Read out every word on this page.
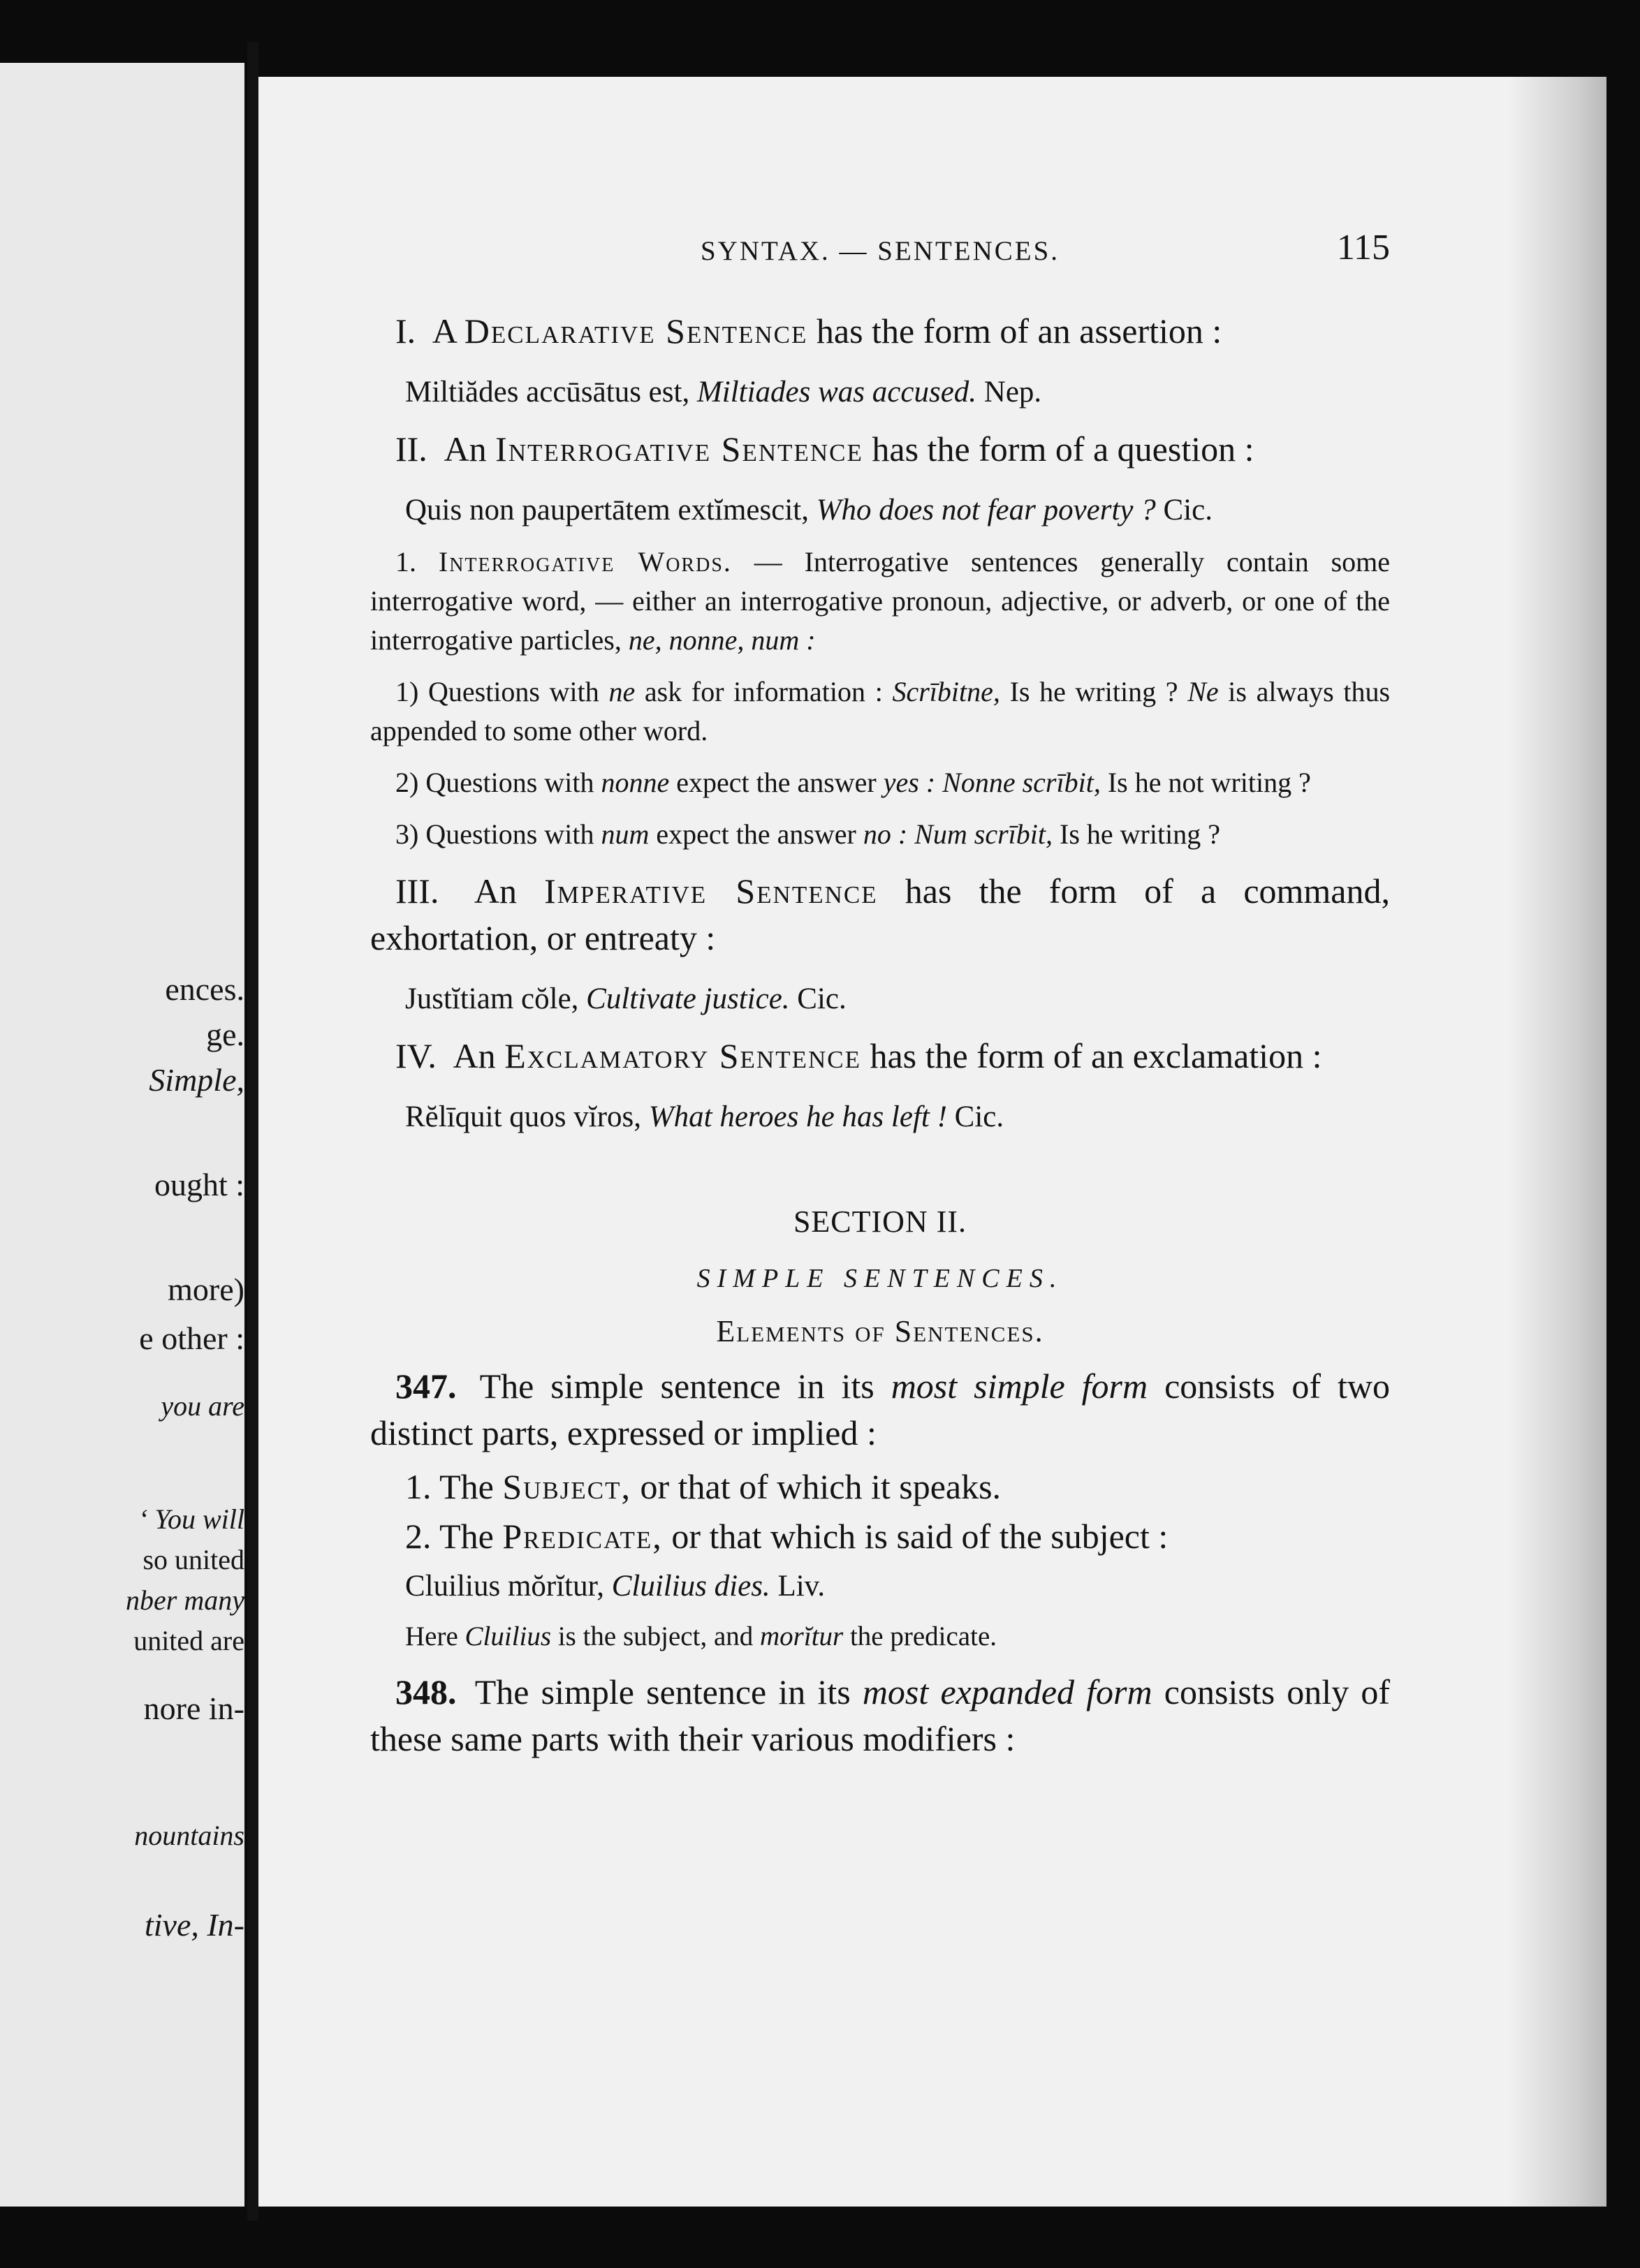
ences.
ge.
Simple,
ought :
more)
e other :
you are
‘ You will
so united
nber many
united are
nore in-
nountains
tive, In-
SYNTAX. — SENTENCES.	115

I. A Declarative Sentence has the form of an assertion :

Miltiădes accūsātus est, Miltiades was accused. Nep.

II. An Interrogative Sentence has the form of a question :

Quis non paupertātem extĭmescit, Who does not fear poverty ? Cic.

1. Interrogative Words. — Interrogative sentences generally contain some interrogative word, — either an interrogative pronoun, adjective, or adverb, or one of the interrogative particles, ne, nonne, num :

1) Questions with ne ask for information : Scrībitne, Is he writing ? Ne is always thus appended to some other word.

2) Questions with nonne expect the answer yes : Nonne scrībit, Is he not writing ?

3) Questions with num expect the answer no : Num scrībit, Is he writing ?

III. An Imperative Sentence has the form of a command, exhortation, or entreaty :

Justĭtiam cŏle, Cultivate justice. Cic.

IV. An Exclamatory Sentence has the form of an exclamation :

Rĕlīquit quos vĭros, What heroes he has left ! Cic.

SECTION II.

SIMPLE SENTENCES.

Elements of Sentences.

347. The simple sentence in its most simple form consists of two distinct parts, expressed or implied :

1. The Subject, or that of which it speaks.

2. The Predicate, or that which is said of the subject :

Cluilius mŏrĭtur, Cluilius dies. Liv.

Here Cluilius is the subject, and morĭtur the predicate.

348. The simple sentence in its most expanded form consists only of these same parts with their various modifiers :
